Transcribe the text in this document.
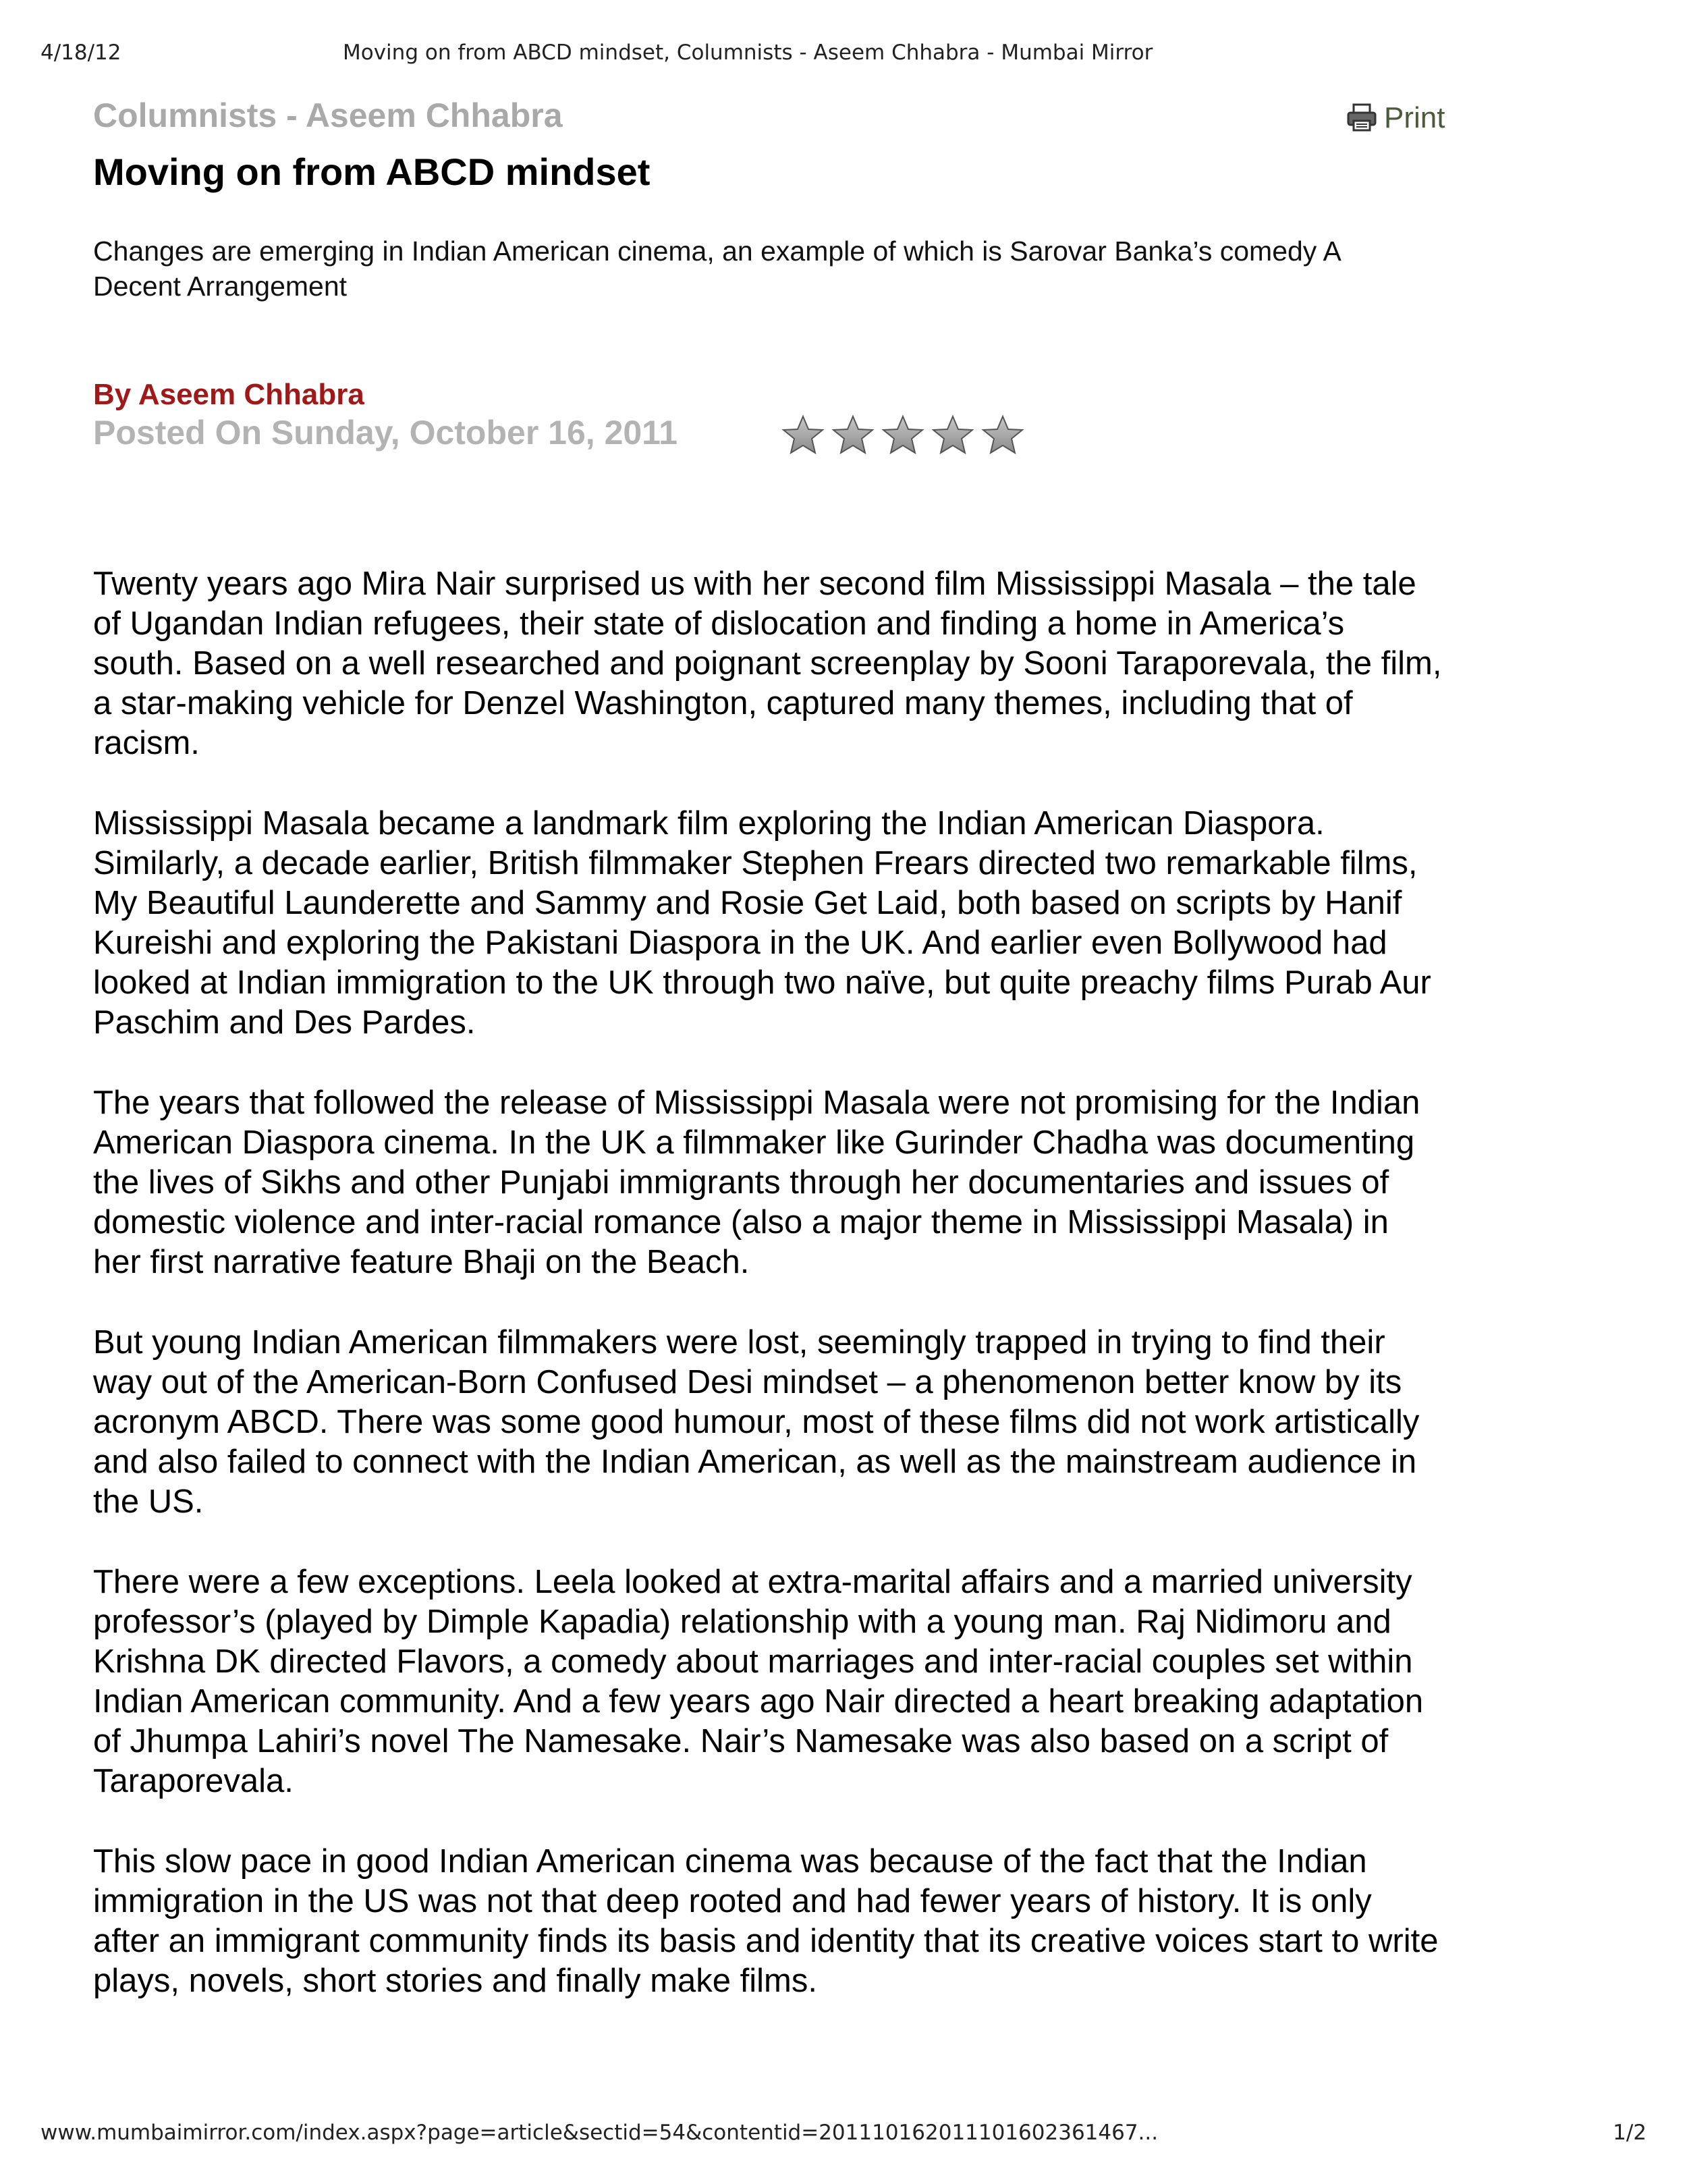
4/18/12	Moving on from ABCD mindset, Columnists - Aseem Chhabra - Mumbai Mirror
Columnists - Aseem Chhabra	Print
Moving on from ABCD mindset

Changes are emerging in Indian American cinema, an example of which is Sarovar Banka’s comedy A Decent Arrangement

By Aseem Chhabra
Posted On Sunday, October 16, 2011

Twenty years ago Mira Nair surprised us with her second film Mississippi Masala – the tale of Ugandan Indian refugees, their state of dislocation and finding a home in America’s south. Based on a well researched and poignant screenplay by Sooni Taraporevala, the film, a star-making vehicle for Denzel Washington, captured many themes, including that of racism.

Mississippi Masala became a landmark film exploring the Indian American Diaspora. Similarly, a decade earlier, British filmmaker Stephen Frears directed two remarkable films, My Beautiful Launderette and Sammy and Rosie Get Laid, both based on scripts by Hanif Kureishi and exploring the Pakistani Diaspora in the UK. And earlier even Bollywood had looked at Indian immigration to the UK through two naïve, but quite preachy films Purab Aur Paschim and Des Pardes.

The years that followed the release of Mississippi Masala were not promising for the Indian American Diaspora cinema. In the UK a filmmaker like Gurinder Chadha was documenting the lives of Sikhs and other Punjabi immigrants through her documentaries and issues of domestic violence and inter-racial romance (also a major theme in Mississippi Masala) in her first narrative feature Bhaji on the Beach.

But young Indian American filmmakers were lost, seemingly trapped in trying to find their way out of the American-Born Confused Desi mindset – a phenomenon better know by its acronym ABCD. There was some good humour, most of these films did not work artistically and also failed to connect with the Indian American, as well as the mainstream audience in the US.

There were a few exceptions. Leela looked at extra-marital affairs and a married university professor’s (played by Dimple Kapadia) relationship with a young man. Raj Nidimoru and Krishna DK directed Flavors, a comedy about marriages and inter-racial couples set within Indian American community. And a few years ago Nair directed a heart breaking adaptation of Jhumpa Lahiri’s novel The Namesake. Nair’s Namesake was also based on a script of Taraporevala.

This slow pace in good Indian American cinema was because of the fact that the Indian immigration in the US was not that deep rooted and had fewer years of history. It is only after an immigrant community finds its basis and identity that its creative voices start to write plays, novels, short stories and finally make films.

www.mumbaimirror.com/index.aspx?page=article&sectid=54&contentid=20111016201110160236146​7...	1/2
